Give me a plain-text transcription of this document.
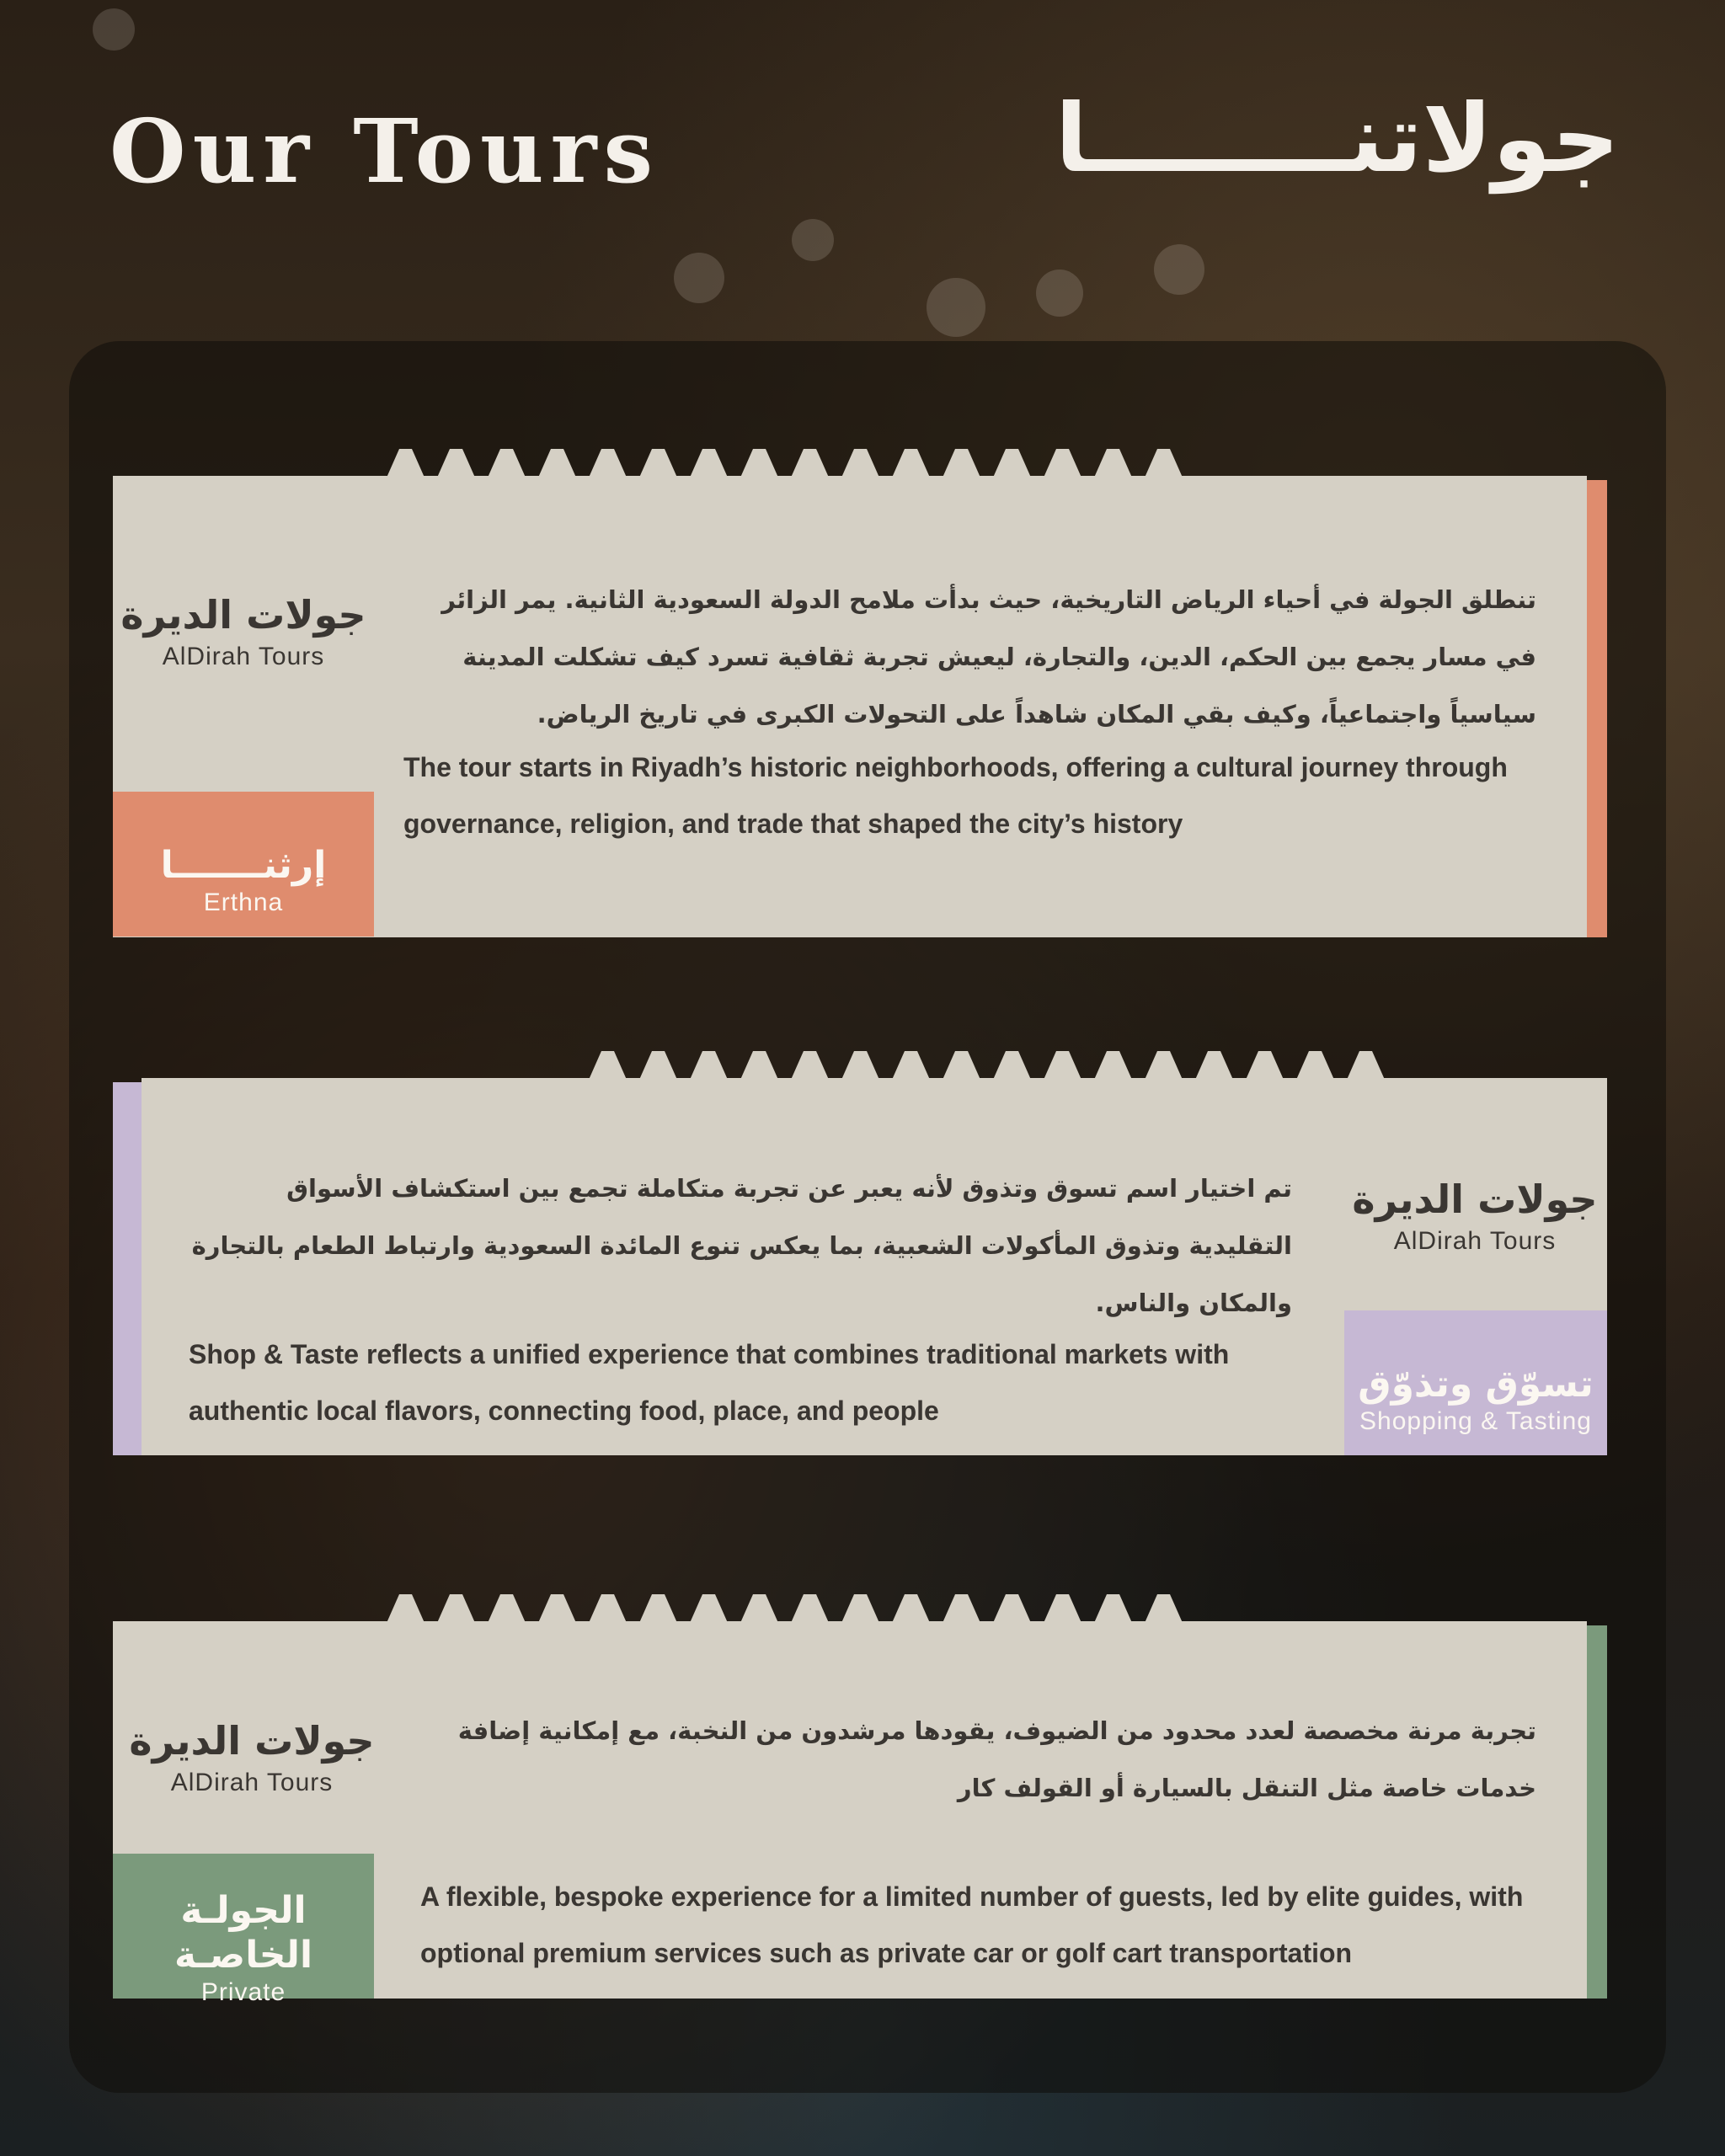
Our Tours	جولاتنــــــــا
جولات الديرة
AlDirah Tours
إرثنـــــــا
Erthna
تنطلق الجولة في أحياء الرياض التاريخية، حيث بدأت ملامح الدولة السعودية الثانية. يمر الزائر في مسار يجمع بين الحكم، الدين، والتجارة، ليعيش تجربة ثقافية تسرد كيف تشكلت المدينة سياسياً واجتماعياً، وكيف بقي المكان شاهداً على التحولات الكبرى في تاريخ الرياض.
The tour starts in Riyadh’s historic neighborhoods, offering a cultural journey through governance, religion, and trade that shaped the city’s history
تم اختيار اسم تسوق وتذوق لأنه يعبر عن تجربة متكاملة تجمع بين استكشاف الأسواق التقليدية وتذوق المأكولات الشعبية، بما يعكس تنوع المائدة السعودية وارتباط الطعام بالتجارة والمكان والناس.
Shop & Taste reflects a unified experience that combines traditional markets with authentic local flavors, connecting food, place, and people
جولات الديرة
AlDirah Tours
تسوّق وتذوّق
Shopping & Tasting
جولات الديرة
AlDirah Tours
الجولـة الخاصـة
Private
تجربة مرنة مخصصة لعدد محدود من الضيوف، يقودها مرشدون من النخبة، مع إمكانية إضافة خدمات خاصة مثل التنقل بالسيارة أو القولف كار
A flexible, bespoke experience for a limited number of guests, led by elite guides, with optional premium services such as private car or golf cart transportation
